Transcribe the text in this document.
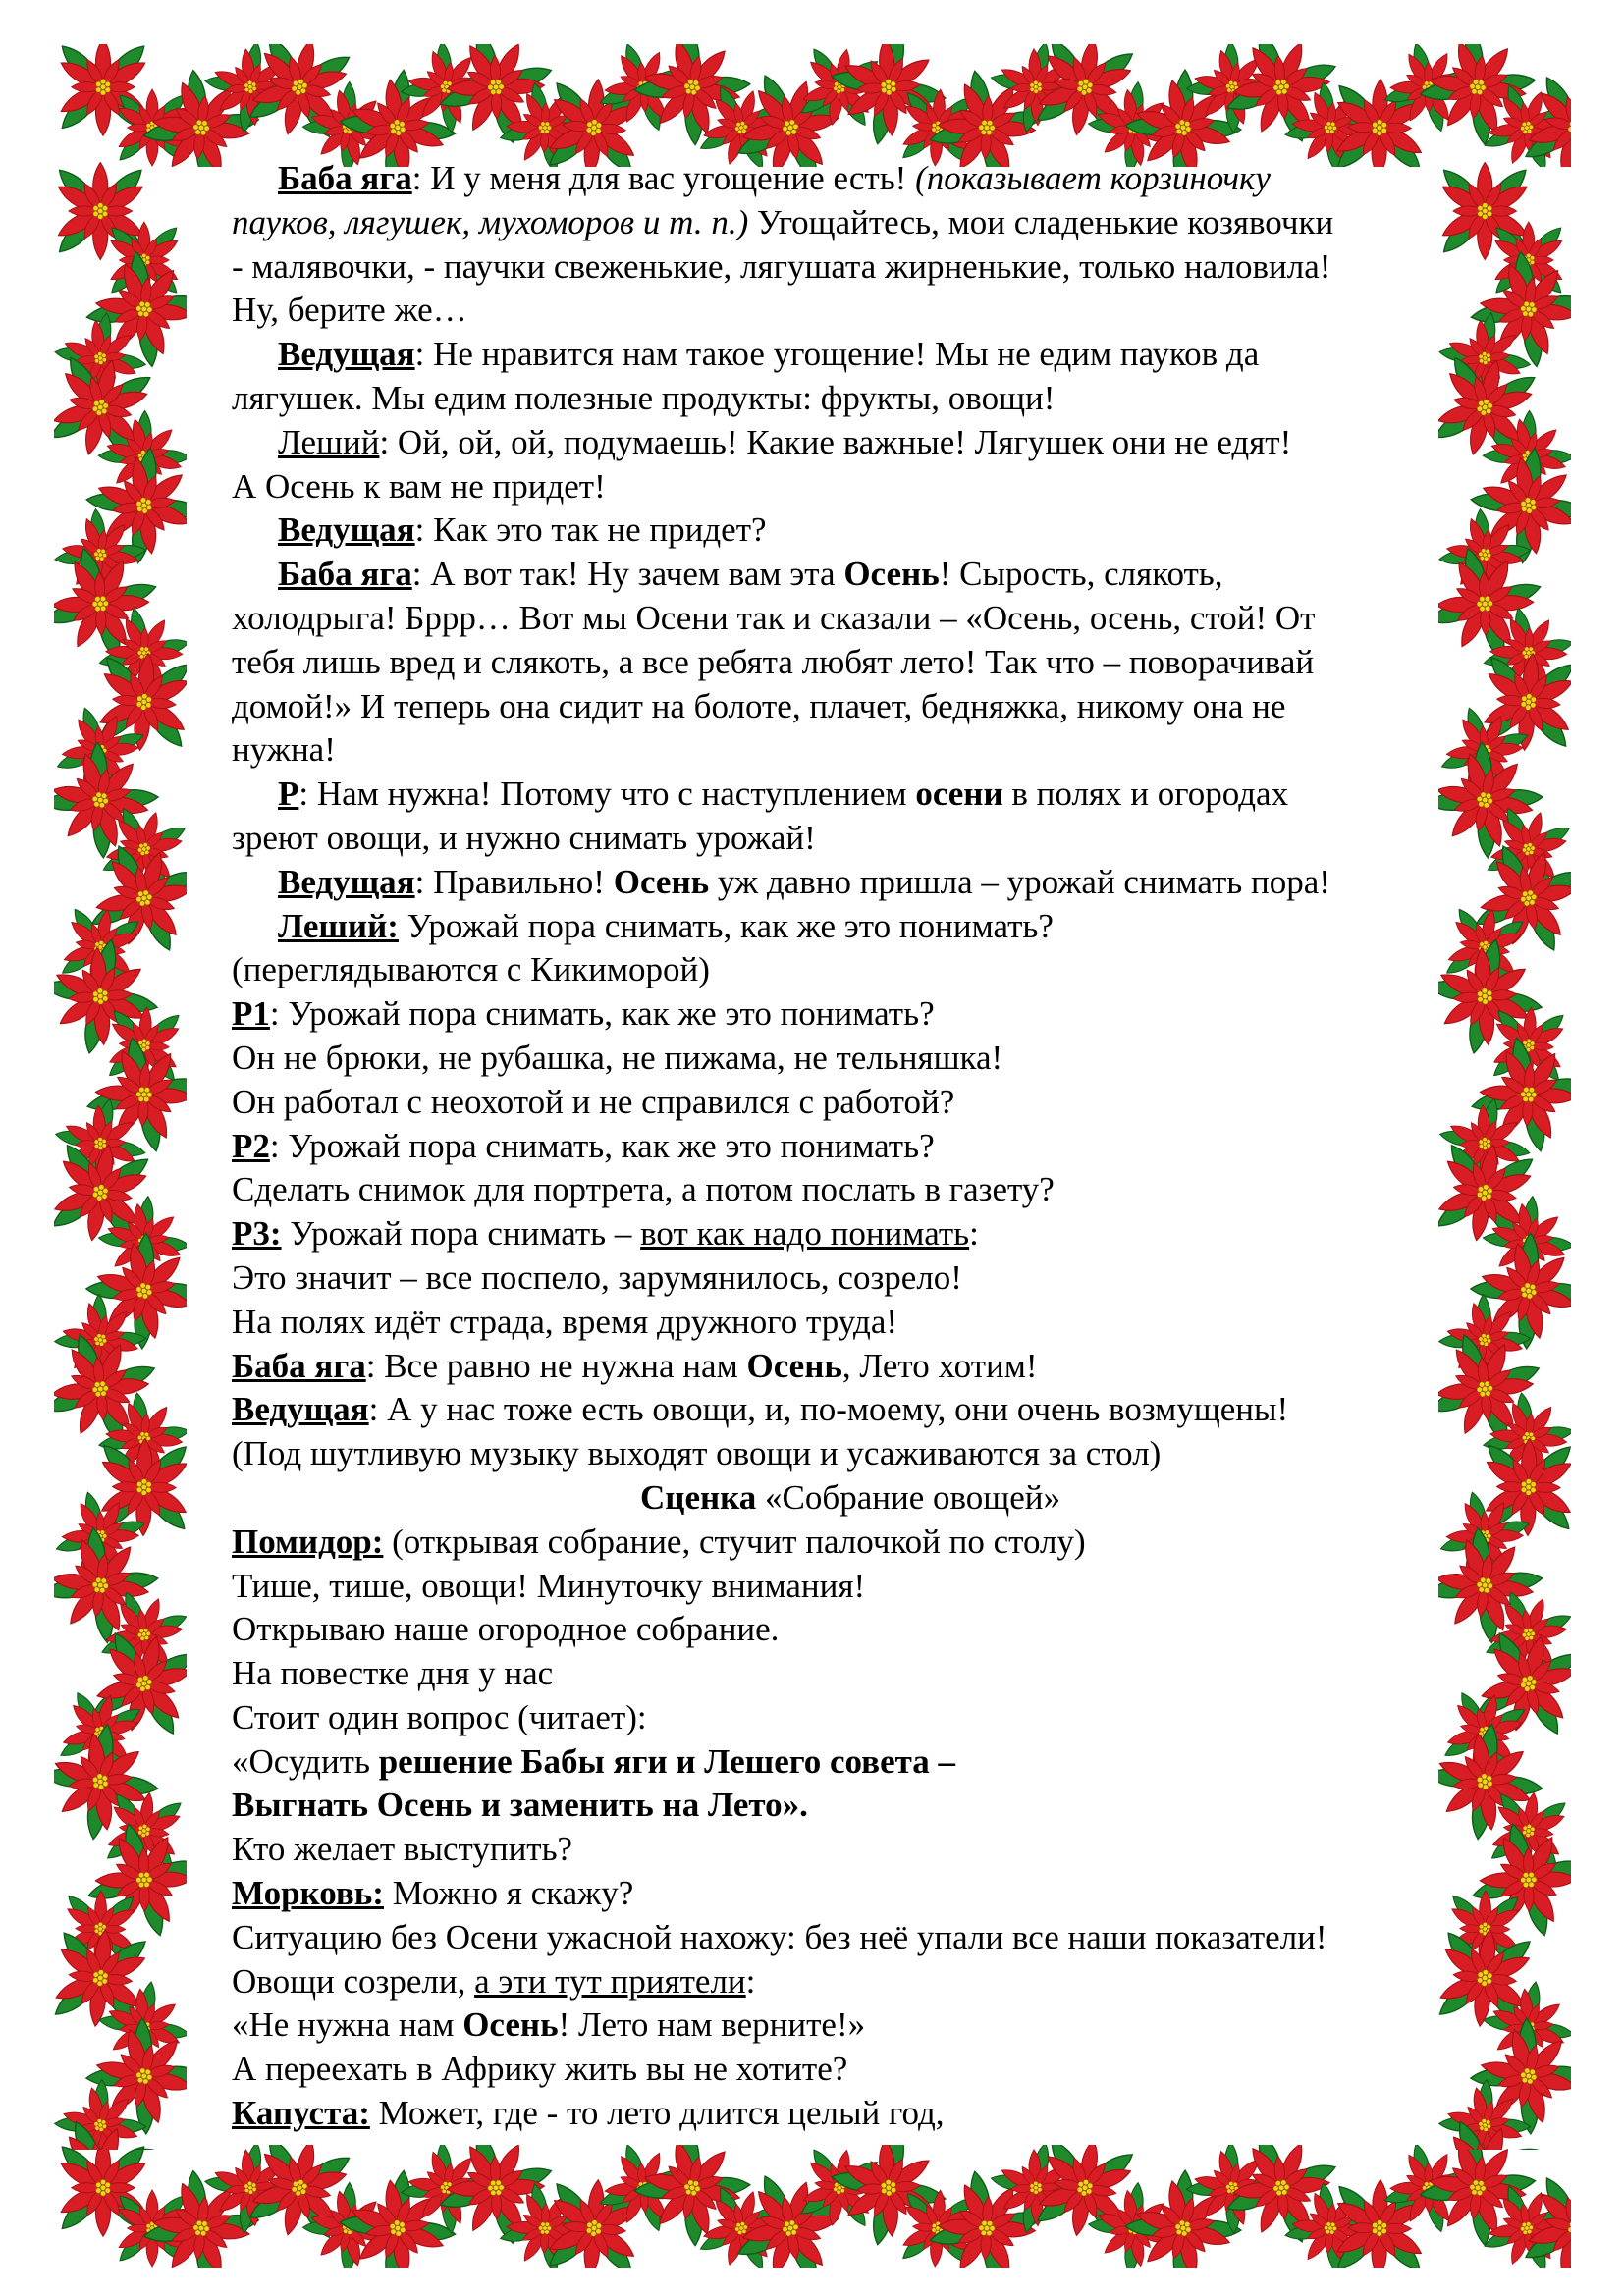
Баба яга: И у меня для вас угощение есть! (показывает корзиночку

пауков, лягушек, мухоморов и т. п.) Угощайтесь, мои сладенькие козявочки

- малявочки, - паучки свеженькие, лягушата жирненькие, только наловила!

Ну, берите же…

Ведущая: Не нравится нам такое угощение! Мы не едим пауков да

лягушек. Мы едим полезные продукты: фрукты, овощи!

Леший: Ой, ой, ой, подумаешь! Какие важные! Лягушек они не едят!

А Осень к вам не придет!

Ведущая: Как это так не придет?

Баба яга: А вот так! Ну зачем вам эта Осень! Сырость, слякоть,

холодрыга! Бррр… Вот мы Осени так и сказали – «Осень, осень, стой! От

тебя лишь вред и слякоть, а все ребята любят лето! Так что – поворачивай

домой!» И теперь она сидит на болоте, плачет, бедняжка, никому она не

нужна!

Р: Нам нужна! Потому что с наступлением осени в полях и огородах

зреют овощи, и нужно снимать урожай!

Ведущая: Правильно! Осень уж давно пришла – урожай снимать пора!

Леший: Урожай пора снимать, как же это понимать?

(переглядываются с Кикиморой)

Р1: Урожай пора снимать, как же это понимать?

Он не брюки, не рубашка, не пижама, не тельняшка!

Он работал с неохотой и не справился с работой?

Р2: Урожай пора снимать, как же это понимать?

Сделать снимок для портрета, а потом послать в газету?

Р3: Урожай пора снимать – вот как надо понимать:

Это значит – все поспело, зарумянилось, созрело!

На полях идёт страда, время дружного труда!

Баба яга: Все равно не нужна нам Осень, Лето хотим!

Ведущая: А у нас тоже есть овощи, и, по-моему, они очень возмущены!

(Под шутливую музыку выходят овощи и усаживаются за стол)

Сценка «Собрание овощей»

Помидор: (открывая собрание, стучит палочкой по столу)

Тише, тише, овощи! Минуточку внимания!

Открываю наше огородное собрание.

На повестке дня у нас

Стоит один вопрос (читает):

«Осудить решение Бабы яги и Лешего совета –

Выгнать Осень и заменить на Лето».

Кто желает выступить?

Морковь: Можно я скажу?

Ситуацию без Осени ужасной нахожу: без неё упали все наши показатели!

Овощи созрели, а эти тут приятели:

«Не нужна нам Осень! Лето нам верните!»

А переехать в Африку жить вы не хотите?

Капуста: Может, где - то лето длится целый год,
